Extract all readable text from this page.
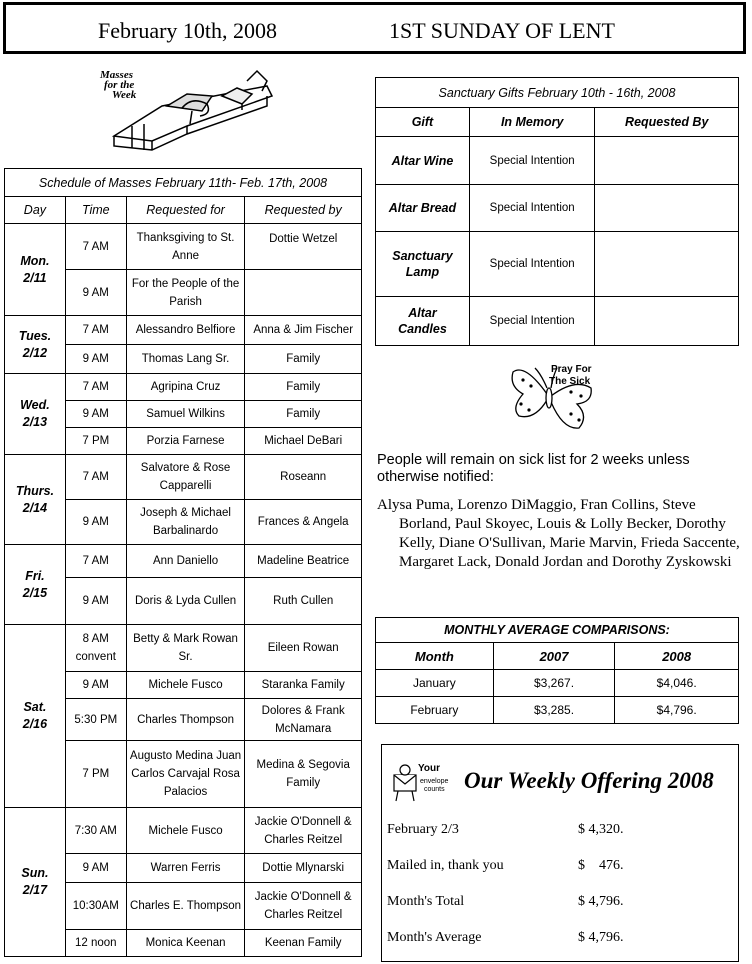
February 10th, 2008	1ST SUNDAY OF LENT
Masses
for the
Week
Schedule of Masses February 11th- Feb. 17th, 2008			
Day	Time	Requested for	Requested by
Mon.
2/11	7 AM	Thanksgiving to St. Anne	Dottie Wetzel
	9 AM	For the People of the Parish	
Tues.
2/12	7 AM	Alessandro Belfiore	Anna & Jim Fischer
	9 AM	Thomas Lang Sr.	Family
Wed.
2/13	7 AM	Agripina Cruz	Family
	9 AM	Samuel Wilkins	Family
	7 PM	Porzia Farnese	Michael DeBari
Thurs.
2/14	7 AM	Salvatore & Rose Capparelli	Roseann
	9 AM	Joseph & Michael Barbalinardo	Frances & Angela
Fri.
2/15	7 AM	Ann Daniello	Madeline Beatrice
	9 AM	Doris & Lyda Cullen	Ruth Cullen
Sat.
2/16	8 AM convent	Betty & Mark Rowan Sr.	Eileen Rowan
	9 AM	Michele Fusco	Staranka Family
	5:30 PM	Charles Thompson	Dolores & Frank McNamara
	7 PM	Augusto Medina Juan Carlos Carvajal Rosa Palacios	Medina & Segovia Family
Sun.
2/17	7:30 AM	Michele Fusco	Jackie O'Donnell & Charles Reitzel
	9 AM	Warren Ferris	Dottie Mlynarski
	10:30AM	Charles E. Thompson	Jackie O'Donnell & Charles Reitzel
	12 noon	Monica Keenan	Keenan Family
Sanctuary Gifts February 10th - 16th, 2008		
Gift	In Memory	Requested By
Altar Wine	Special Intention	
Altar Bread	Special Intention	
Sanctuary Lamp	Special Intention	
Altar Candles	Special Intention	
Pray For
The Sick
People will remain on sick list for 2 weeks unless otherwise notified:
Alysa Puma, Lorenzo DiMaggio, Fran Collins, Steve Borland, Paul Skoyec, Louis & Lolly Becker, Dorothy Kelly, Diane O'Sullivan, Marie Marvin, Frieda Saccente, Margaret Lack, Donald Jordan and Dorothy Zyskowski
MONTHLY AVERAGE COMPARISONS:		
Month	2007	2008
January	$3,267.	$4,046.
February	$3,285.	$4,796.
Your
envelope
counts Our Weekly Offering 2008
February 2/3	$ 4,320.
Mailed in, thank you	$    476.
Month's Total	$ 4,796.
Month's Average	$ 4,796.
